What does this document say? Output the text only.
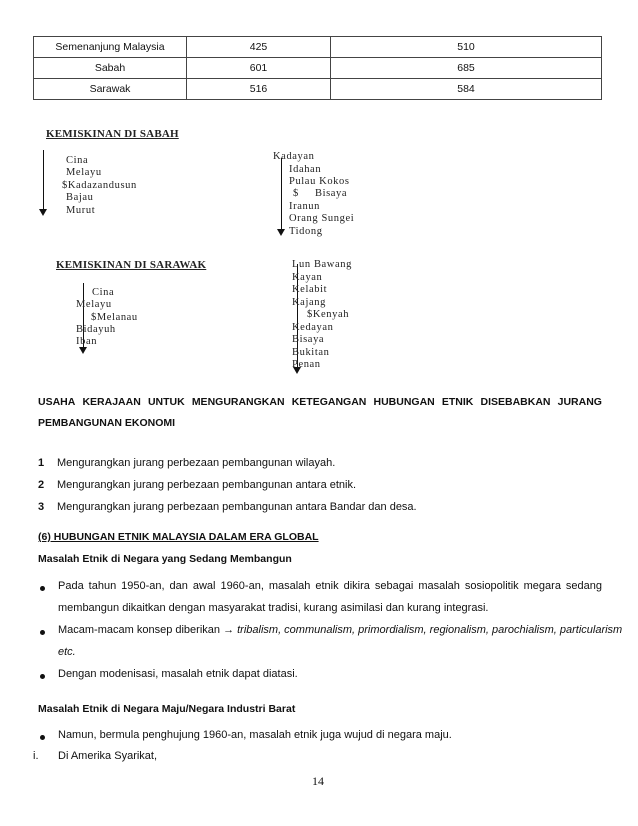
Semenanjung Malaysia	425	510
Sabah	601	685
Sarawak	516	584
KEMISKINAN DI SABAH
Cina
Melayu
$Kadazandusun
Bajau
Murut
Kadayan
Idahan
Pulau Kokos
$     Bisaya
Iranun
Orang Sungei
Tidong
KEMISKINAN DI SARAWAK
Cina
Melayu
$Melanau
Bidayuh
Iban
Lun Bawang
Kayan
Kelabit
Kajang
$Kenyah
Kedayan
Bisaya
Bukitan
Penan
USAHA KERAJAAN UNTUK MENGURANGKAN KETEGANGAN HUBUNGAN ETNIK DISEBABKAN JURANG
PEMBANGUNAN EKONOMI
1 Mengurangkan jurang perbezaan pembangunan wilayah.
2 Mengurangkan jurang perbezaan pembangunan antara etnik.
3 Mengurangkan jurang perbezaan pembangunan antara Bandar dan desa.
(6) HUBUNGAN ETNIK MALAYSIA DALAM ERA GLOBAL
Masalah Etnik di Negara yang Sedang Membangun
Pada tahun 1950-an, dan awal 1960-an, masalah etnik dikira sebagai masalah sosiopolitik megara sedang
membangun dikaitkan dengan masyarakat tradisi, kurang asimilasi dan kurang integrasi.
Macam-macam konsep diberikan → tribalism, communalism, primordialism, regionalism, parochialism, particularism
etc.
Dengan modenisasi, masalah etnik dapat diatasi.
Masalah Etnik di Negara Maju/Negara Industri Barat
Namun, bermula penghujung 1960-an, masalah etnik juga wujud di negara maju.
i. Di Amerika Syarikat,
14
